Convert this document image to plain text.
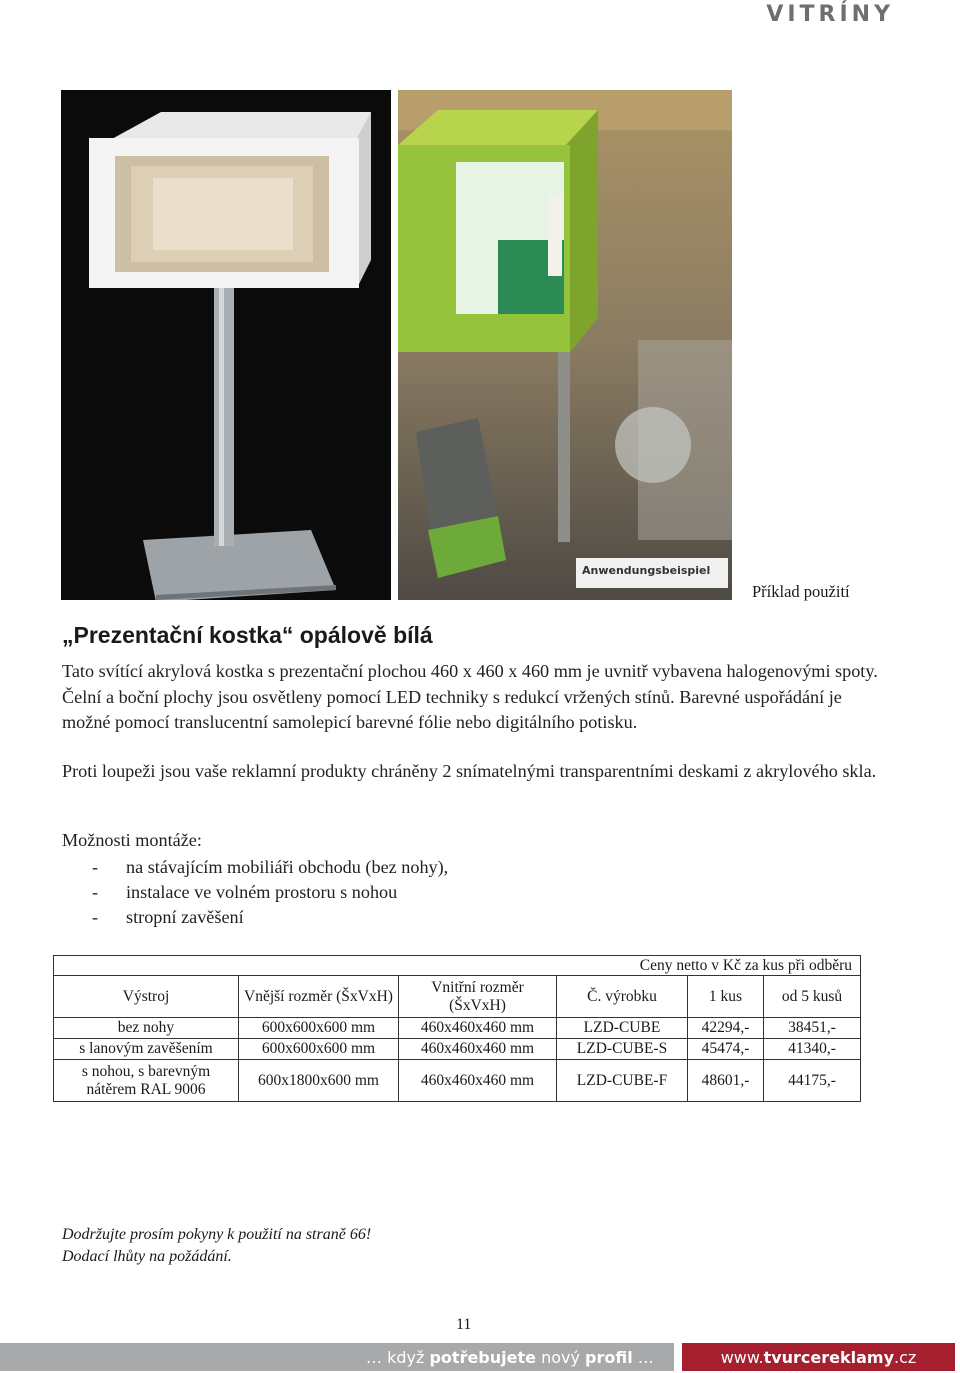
VITRÍNY
Anwendungsbeispiel
Příklad použití
„Prezentační kostka“ opálově bílá
Tato svítící akrylová kostka s prezentační plochou 460 x 460 x 460 mm je uvnitř vybavena halogenovými spoty. Čelní a boční plochy jsou osvětleny pomocí LED techniky s redukcí vržených stínů. Barevné uspořádání je možné pomocí translucentní samolepicí barevné fólie nebo digitálního potisku.
Proti loupeži jsou vaše reklamní produkty chráněny 2 snímatelnými transparentními deskami z akrylového skla.
Možnosti montáže:
-	na stávajícím mobiliáři obchodu (bez nohy),
-	instalace ve volném prostoru s nohou
-	stropní zavěšení
Ceny netto v Kč za kus při odběru					
Výstroj	Vnější rozměr (ŠxVxH)	Vnitřní rozměr (ŠxVxH)	Č. výrobku	1 kus	od 5 kusů
bez nohy	600x600x600 mm	460x460x460 mm	LZD-CUBE	42294,-	38451,-
s lanovým zavěšením	600x600x600 mm	460x460x460 mm	LZD-CUBE-S	45474,-	41340,-
s nohou, s barevným nátěrem RAL 9006	600x1800x600 mm	460x460x460 mm	LZD-CUBE-F	48601,-	44175,-
Dodržujte prosím pokyny k použití na straně 66!
Dodací lhůty na požádání.
11
… když potřebujete nový profil …	www. tvurcereklamy .cz
